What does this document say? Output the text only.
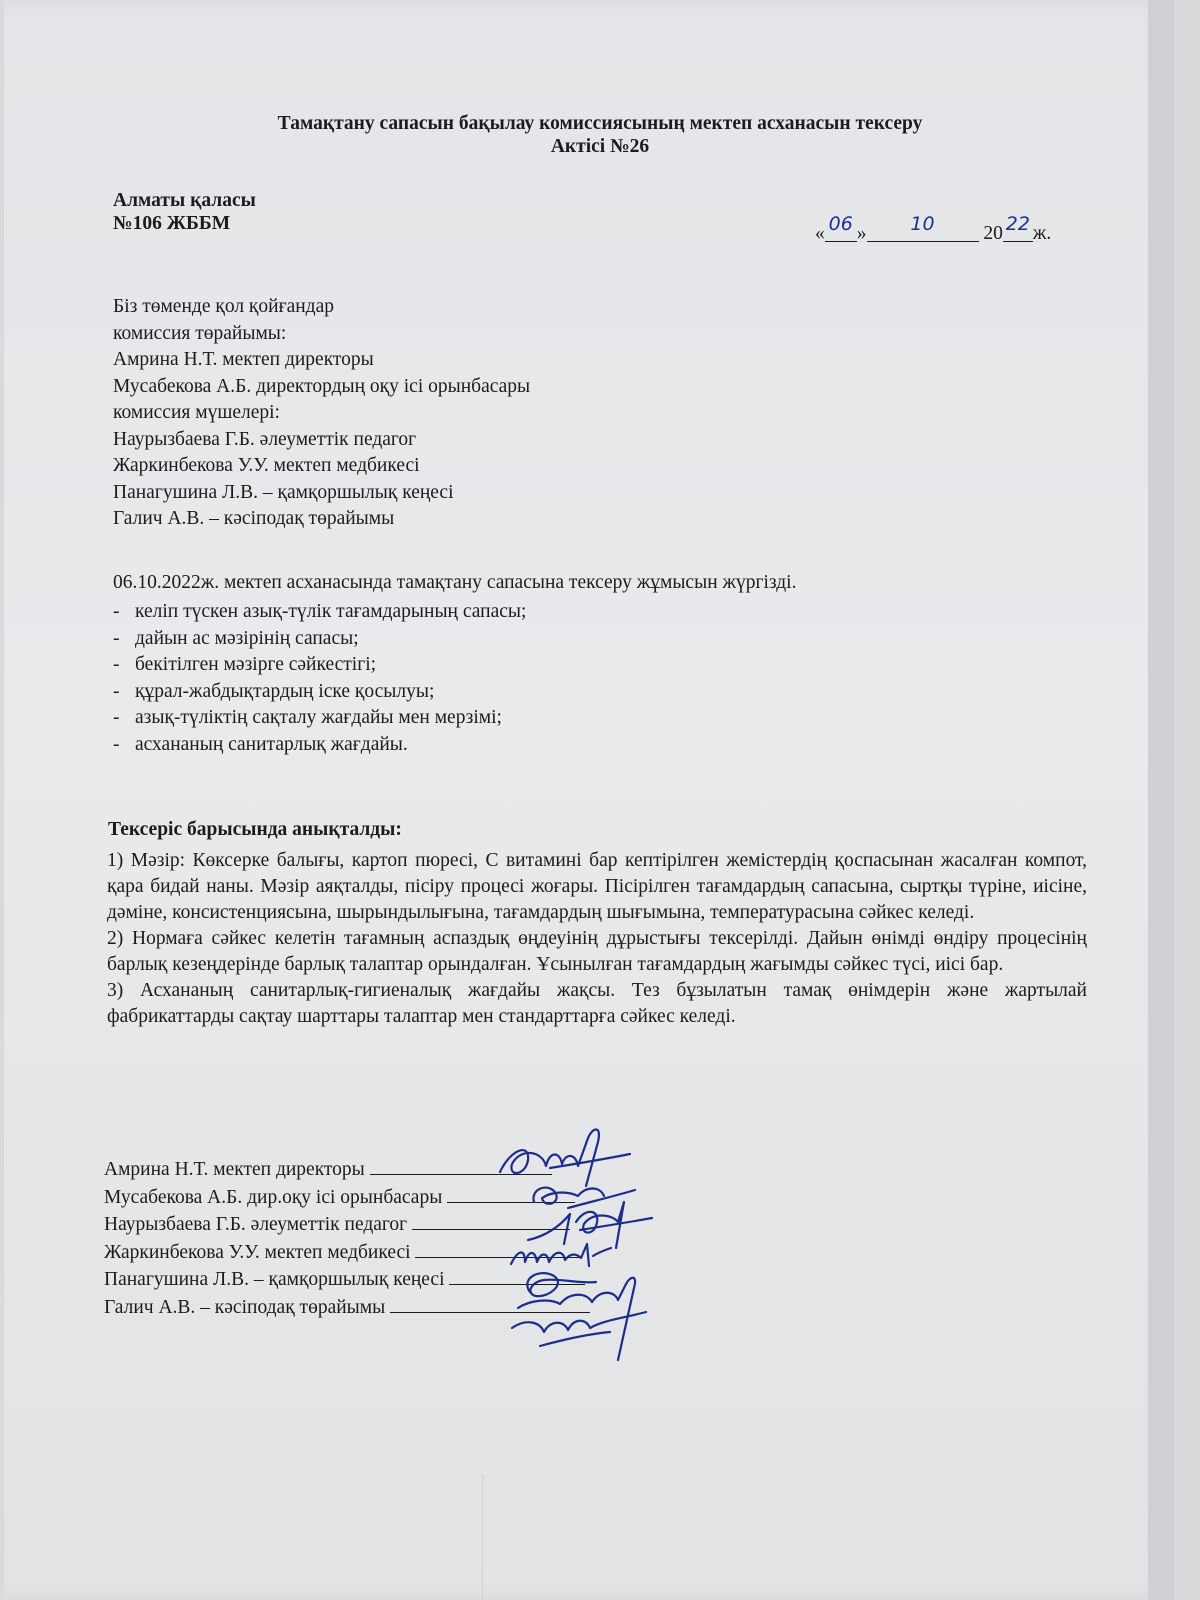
Тамақтану сапасын бақылау комиссиясының мектеп асханасын тексеру
Актісі №26
Алматы қаласы
№106 ЖББМ	« 06 » 10	20 22 ж.
Біз төменде қол қойғандар
комиссия төрайымы:
Амрина Н.Т. мектеп директоры
Мусабекова А.Б. директордың оқу ісі орынбасары
комиссия мүшелері:
Наурызбаева Г.Б. әлеуметтік педагог
Жаркинбекова У.У. мектеп медбикесі
Панагушина Л.В. – қамқоршылық кеңесі
Галич А.В. – кәсіподақ төрайымы
06.10.2022ж. мектеп асханасында тамақтану сапасына тексеру жұмысын жүргізді.
- келіп түскен азық-түлік тағамдарының сапасы;
- дайын ас мәзірінің сапасы;
- бекітілген мәзірге сәйкестігі;
- құрал-жабдықтардың іске қосылуы;
- азық-түліктің сақталу жағдайы мен мерзімі;
- асхананың санитарлық жағдайы.
Тексеріс барысында анықталды:

1) Мәзір: Көксерке балығы, картоп пюресі, С витамині бар кептірілген жемістердің қоспасынан жасалған компот, қара бидай наны. Мәзір аяқталды, пісіру процесі жоғары. Пісірілген тағамдардың сапасына, сыртқы түріне, иісіне, дәміне, консистенциясына, шырындылығына, тағамдардың шығымына, температурасына сәйкес келеді.

2) Нормаға сәйкес келетін тағамның аспаздық өңдеуінің дұрыстығы тексерілді. Дайын өнімді өндіру процесінің барлық кезеңдерінде барлық талаптар орындалған. Ұсынылған тағамдардың жағымды сәйкес түсі, иісі бар.

3) Асхананың санитарлық-гигиеналық жағдайы жақсы. Тез бұзылатын тамақ өнімдерін және жартылай фабрикаттарды сақтау шарттары талаптар мен стандарттарға сәйкес келеді.

Амрина Н.Т. мектеп директоры
Мусабекова А.Б. дир.оқу ісі орынбасары
Наурызбаева Г.Б. әлеуметтік педагог
Жаркинбекова У.У. мектеп медбикесі
Панагушина Л.В. – қамқоршылық кеңесі
Галич А.В. – кәсіподақ төрайымы
